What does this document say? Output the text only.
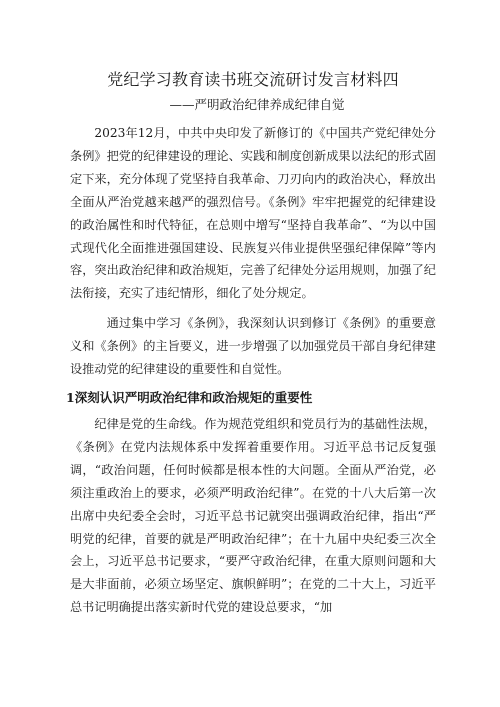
党纪学习教育读书班交流研讨发言材料四

——严明政治纪律养成纪律自觉

2023年12月，中共中央印发了新修订的《中国共产党纪律处分条例》把党的纪律建设的理论、实践和制度创新成果以法纪的形式固定下来，充分体现了党坚持自我革命、刀刃向内的政治决心，释放出全面从严治党越来越严的强烈信号。《条例》牢牢把握党的纪律建设的政治属性和时代特征，在总则中增写“坚持自我革命”、“为以中国式现代化全面推进强国建设、民族复兴伟业提供坚强纪律保障”等内容，突出政治纪律和政治规矩，完善了纪律处分运用规则，加强了纪法衔接，充实了违纪情形，细化了处分规定。

通过集中学习《条例》，我深刻认识到修订《条例》的重要意义和《条例》的主旨要义，进一步增强了以加强党员干部自身纪律建设推动党的纪律建设的重要性和自觉性。

1深刻认识严明政治纪律和政治规矩的重要性

纪律是党的生命线。作为规范党组织和党员行为的基础性法规，《条例》在党内法规体系中发挥着重要作用。习近平总书记反复强调，“政治问题，任何时候都是根本性的大问题。全面从严治党，必须注重政治上的要求，必须严明政治纪律”。在党的十八大后第一次出席中央纪委全会时，习近平总书记就突出强调政治纪律，指出“严明党的纪律，首要的就是严明政治纪律”；在十九届中央纪委三次全会上，习近平总书记要求，“要严守政治纪律，在重大原则问题和大是大非面前，必须立场坚定、旗帜鲜明”；在党的二十大上，习近平总书记明确提出落实新时代党的建设总要求，“加
